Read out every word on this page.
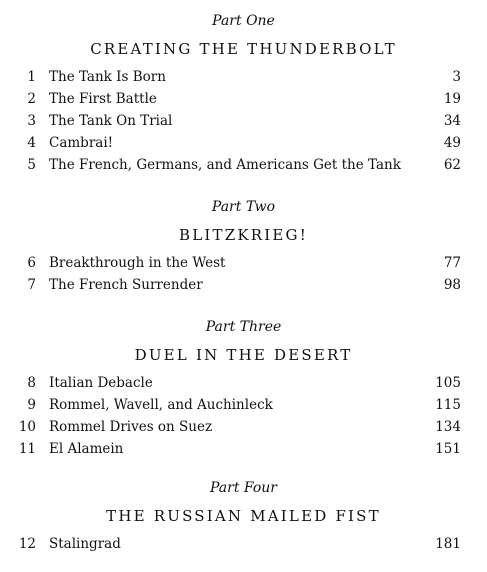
Part One
CREATING THE THUNDERBOLT
1 The Tank Is Born	3
2 The First Battle	19
3 The Tank On Trial	34
4 Cambrai!	49
5 The French, Germans, and Americans Get the Tank	62
Part Two
BLITZKRIEG!
6 Breakthrough in the West	77
7 The French Surrender	98
Part Three
DUEL IN THE DESERT
8 Italian Debacle	105
9 Rommel, Wavell, and Auchinleck	115
10 Rommel Drives on Suez	134
11 El Alamein	151
Part Four
THE RUSSIAN MAILED FIST
12 Stalingrad	181
